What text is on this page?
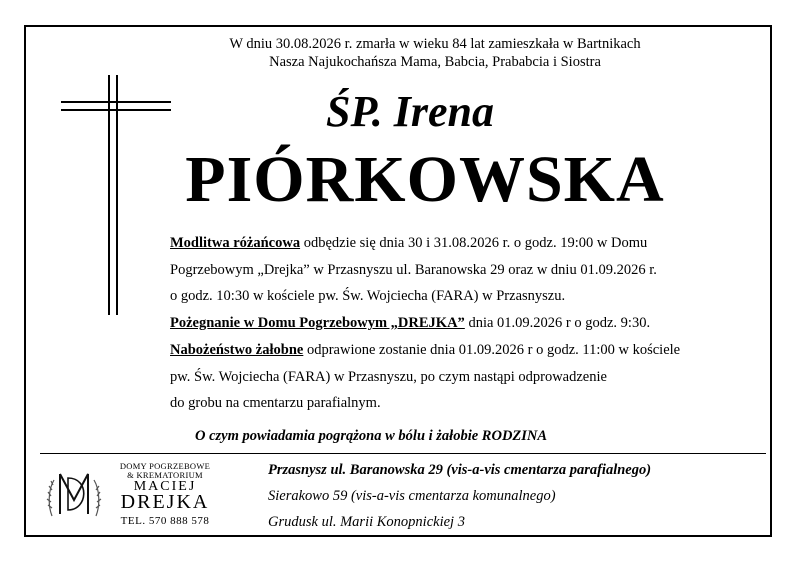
W dniu 30.08.2026 r. zmarła w wieku 84 lat zamieszkała w Bartnikach
Nasza Najukochańsza Mama, Babcia, Prababcia i Siostra
ŚP. Irena
PIÓRKOWSKA
Modlitwa różańcowa odbędzie się dnia 30 i 31.08.2026 r. o godz. 19:00 w Domu
Pogrzebowym „Drejka” w Przasnyszu ul. Baranowska 29 oraz w dniu 01.09.2026 r.
o godz. 10:30 w kościele pw. Św. Wojciecha (FARA) w Przasnyszu.
Pożegnanie w Domu Pogrzebowym „DREJKA” dnia 01.09.2026 r o godz. 9:30.
Nabożeństwo żałobne odprawione zostanie dnia 01.09.2026 r o godz. 11:00 w kościele
pw. Św. Wojciecha (FARA) w Przasnyszu, po czym nastąpi odprowadzenie
do grobu na cmentarzu parafialnym.
O czym powiadamia pogrążona w bólu i żałobie RODZINA
DOMY POGRZEBOWE
& KREMATORIUM
MACIEJ
DREJKA
TEL. 570 888 578
Przasnysz ul. Baranowska 29 (vis-a-vis cmentarza parafialnego)
Sierakowo 59 (vis-a-vis cmentarza komunalnego)
Grudusk ul. Marii Konopnickiej 3
